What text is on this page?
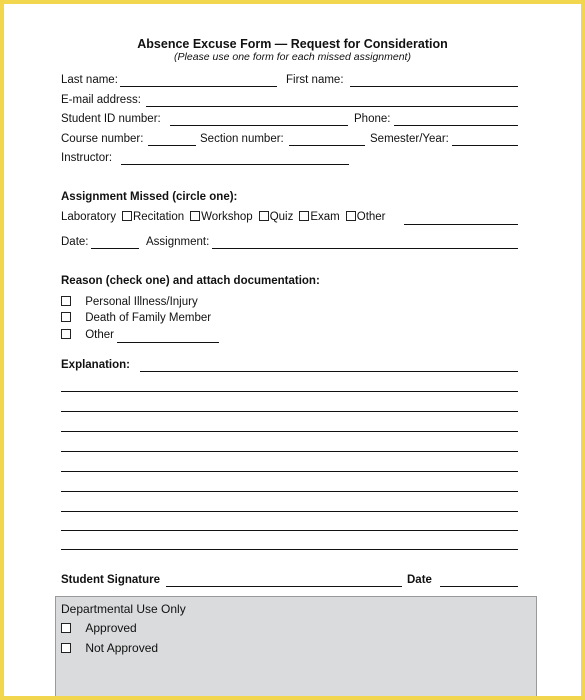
Absence Excuse Form — Request for Consideration
(Please use one form for each missed assignment)
Last name:	First name:
E-mail address:
Student ID number:	Phone:
Course number:	Section number:	Semester/Year:
Instructor:
Assignment Missed (circle one):
Laboratory Recitation Workshop Quiz Exam Other
Date:	Assignment:
Reason (check one) and attach documentation:
Personal Illness/Injury
Death of Family Member
Other
Explanation:
Student Signature	Date
Departmental Use Only
Approved
Not Approved
